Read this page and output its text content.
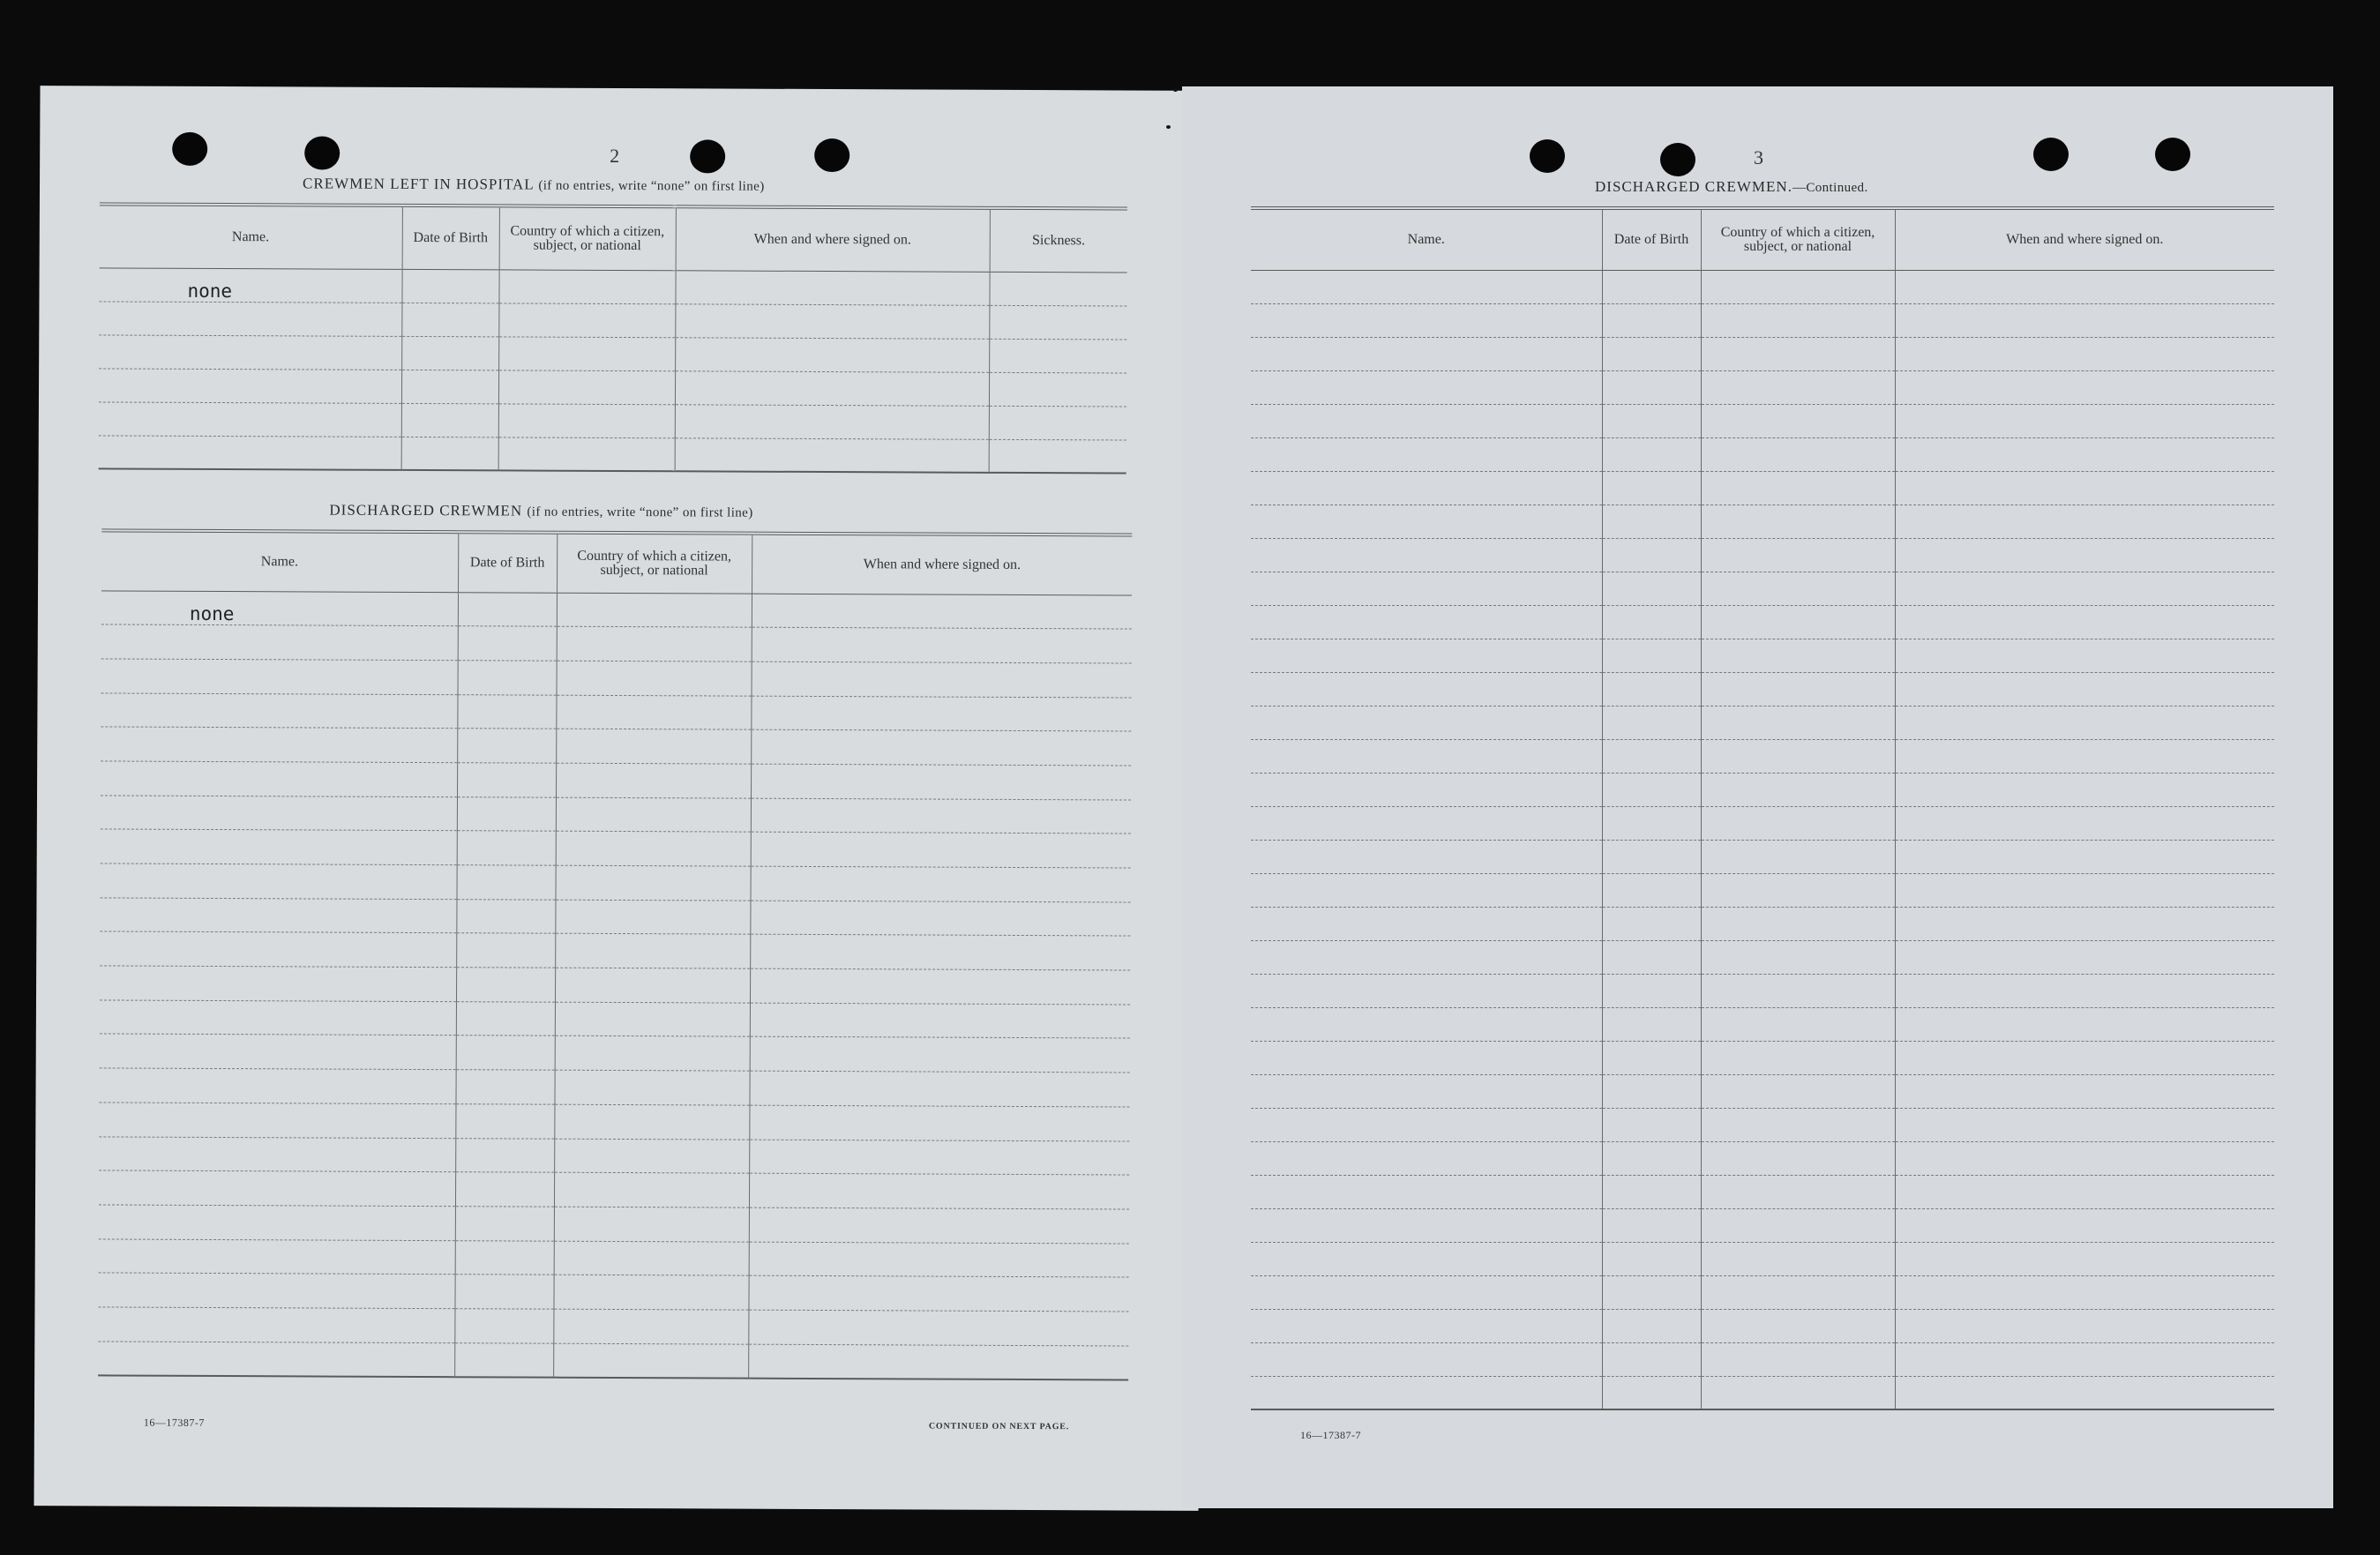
2
CREWMEN LEFT IN HOSPITAL (if no entries, write “none” on first line)
Name.	Date of Birth	Country of which a citizen, subject, or national	When and where signed on.	Sickness.
none				

DISCHARGED CREWMEN (if no entries, write “none” on first line)
Name.	Date of Birth	Country of which a citizen, subject, or national	When and where signed on.
none			

16—17387-7	CONTINUED ON NEXT PAGE.
3
DISCHARGED CREWMEN.—Continued.
Name.	Date of Birth	Country of which a citizen, subject, or national	When and where signed on.

16—17387-7
